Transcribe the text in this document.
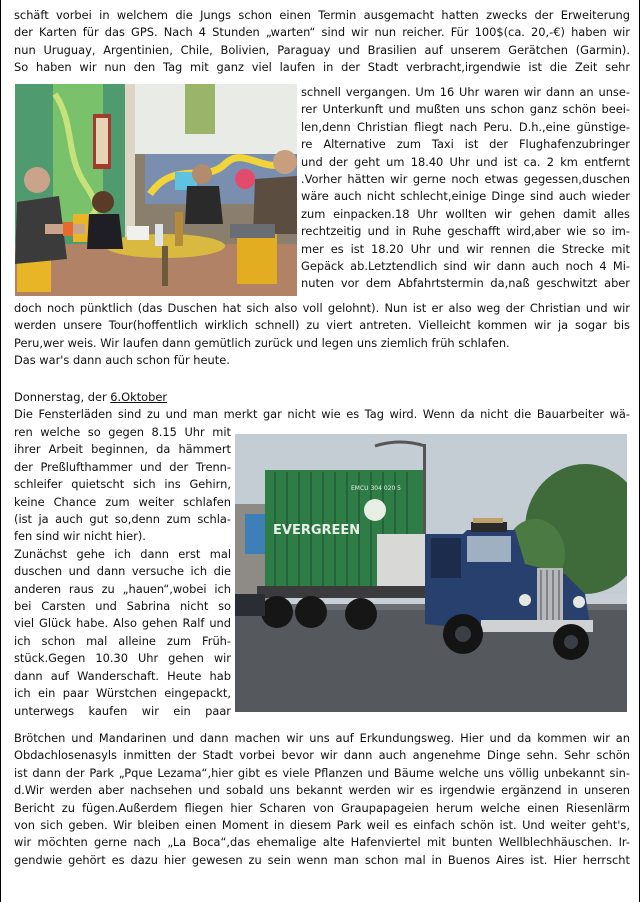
schäft vorbei in welchem die Jungs schon einen Termin ausgemacht hatten zwecks der Erweiterung
der Karten für das GPS. Nach 4 Stunden „warten“ sind wir nun reicher. Für 100$(ca. 20,-€) haben wir
nun Uruguay, Argentinien, Chile, Bolivien, Paraguay und Brasilien auf unserem Gerätchen (Garmin).
So haben wir nun den Tag mit ganz viel laufen in der Stadt verbracht,irgendwie ist die Zeit sehr
schnell vergangen. Um 16 Uhr waren wir dann an unse-
rer Unterkunft und mußten uns schon ganz schön beei-
len,denn Christian fliegt nach Peru. D.h.,eine günstige-
re Alternative zum Taxi ist der Flughafenzubringer
und der geht um 18.40 Uhr und ist ca. 2 km entfernt
.Vorher hätten wir gerne noch etwas gegessen,duschen
wäre auch nicht schlecht,einige Dinge sind auch wieder
zum einpacken.18 Uhr wollten wir gehen damit alles
rechtzeitig und in Ruhe geschafft wird,aber wie so im-
mer es ist 18.20 Uhr und wir rennen die Strecke mit
Gepäck ab.Letztendlich sind wir dann auch noch 4 Mi-
nuten vor dem Abfahrtstermin da,naß geschwitzt aber
doch noch pünktlich (das Duschen hat sich also voll gelohnt). Nun ist er also weg der Christian und wir
werden unsere Tour(hoffentlich wirklich schnell) zu viert antreten. Vielleicht kommen wir ja sogar bis
Peru,wer weis. Wir laufen dann gemütlich zurück und legen uns ziemlich früh schlafen.
Das war's dann auch schon für heute.
Donnerstag, der 6.Oktober
Die Fensterläden sind zu und man merkt gar nicht wie es Tag wird. Wenn da nicht die Bauarbeiter wä-
EVERGREEN
EMCU 304 020 5
ren welche so gegen 8.15 Uhr mit
ihrer Arbeit beginnen, da hämmert
der Preßlufthammer und der Trenn-
schleifer quietscht sich ins Gehirn,
keine Chance zum weiter schlafen
(ist ja auch gut so,denn zum schla-
fen sind wir nicht hier).
Zunächst gehe ich dann erst mal
duschen und dann versuche ich die
anderen raus zu „hauen“,wobei ich
bei Carsten und Sabrina nicht so
viel Glück habe. Also gehen Ralf und
ich schon mal alleine zum Früh-
stück.Gegen 10.30 Uhr gehen wir
dann auf Wanderschaft. Heute hab
ich ein paar Würstchen eingepackt,
unterwegs kaufen wir ein paar
Brötchen und Mandarinen und dann machen wir uns auf Erkundungsweg. Hier und da kommen wir an
Obdachlosenasyls inmitten der Stadt vorbei bevor wir dann auch angenehme Dinge sehn. Sehr schön
ist dann der Park „Pque Lezama“,hier gibt es viele Pflanzen und Bäume welche uns völlig unbekannt sin-
d.Wir werden aber nachsehen und sobald uns bekannt werden wir es irgendwie ergänzend in unseren
Bericht zu fügen.Außerdem fliegen hier Scharen von Graupapageien herum welche einen Riesenlärm
von sich geben. Wir bleiben einen Moment in diesem Park weil es einfach schön ist. Und weiter geht's,
wir möchten gerne nach „La Boca“,das ehemalige alte Hafenviertel mit bunten Wellblechhäuschen. Ir-
gendwie gehört es dazu hier gewesen zu sein wenn man schon mal in Buenos Aires ist. Hier herrscht
